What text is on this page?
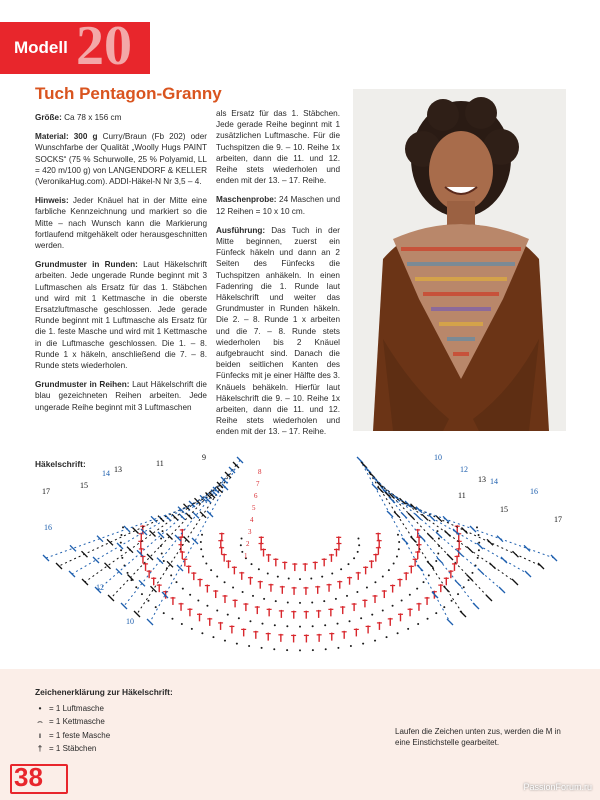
Modell 20
Tuch Pentagon-Granny

Größe: Ca 78 x 156 cm

Material: 300 g Curry/Braun (Fb 202) oder Wunschfarbe der Qualität „Woolly Hugs PAINT SOCKS“ (75 % Schurwolle, 25 % Polyamid, LL = 420 m/100 g) von LANGENDORF & KELLER (VeronikaHug.com). ADDI-Häkel-N Nr 3,5 – 4.

Hinweis: Jeder Knäuel hat in der Mitte eine farbliche Kennzeichnung und markiert so die Mitte – nach Wunsch kann die Markierung fortlaufend mitgehäkelt oder herausgeschnitten werden.

Grundmuster in Runden: Laut Häkelschrift arbeiten. Jede ungerade Runde beginnt mit 3 Luftmaschen als Ersatz für das 1. Stäbchen und wird mit 1 Kettmasche in die oberste Ersatzluftmasche geschlossen. Jede gerade Runde beginnt mit 1 Luftmasche als Ersatz für die 1. feste Masche und wird mit 1 Kettmasche in die Luftmasche geschlossen. Die 1. – 8. Runde 1 x häkeln, anschließend die 7. – 8. Runde stets wiederholen.

Grundmuster in Reihen: Laut Häkelschrift die blau gezeichneten Reihen arbeiten. Jede ungerade Reihe beginnt mit 3 Luftmaschen

als Ersatz für das 1. Stäbchen. Jede gerade Reihe beginnt mit 1 zusätzlichen Luftmasche. Für die Tuchspitzen die 9. – 10. Reihe 1x arbeiten, dann die 11. und 12. Reihe stets wiederholen und enden mit der 13. – 17. Reihe.

Maschenprobe: 24 Maschen und 12 Reihen = 10 x 10 cm.

Ausführung: Das Tuch in der Mitte beginnen, zuerst ein Fünfeck häkeln und dann an 2 Seiten des Fünfecks die Tuchspitzen anhäkeln. In einen Fadenring die 1. Runde laut Häkelschrift und weiter das Grundmuster in Runden häkeln. Die 2. – 8. Runde 1 x arbeiten und die 7. – 8. Runde stets wiederholen bis 2 Knäuel aufgebraucht sind. Danach die beiden seitlichen Kanten des Fünfecks mit je einer Hälfte des 3. Knäuels behäkeln. Hierfür laut Häkelschrift die 9. – 10. Reihe 1x arbeiten, dann die 11. und 12. Reihe stets wiederholen und enden mit der 13. – 17. Reihe.

Häkelschrift:
17
16
15
14 13
12
11
10
9
17
16
15
14
13
12
11
10
8
7
6
5
4
3
2
1
Zeichenerklärung zur Häkelschrift:
• = 1 Luftmasche
⌢ = 1 Kettmasche
ı = 1 feste Masche
† = 1 Stäbchen
Laufen die Zeichen unten zus, werden die M in eine Einstichstelle gearbeitet.
38	PassionForum.ru
